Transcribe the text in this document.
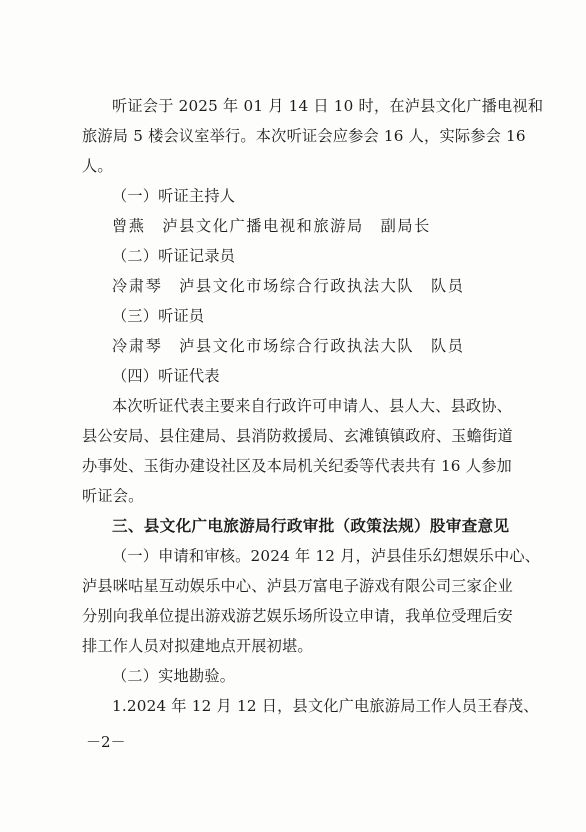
听证会于 2025 年 01 月 14 日 10 时，在泸县文化广播电视和
旅游局 5 楼会议室举行。本次听证会应参会 16 人，实际参会 16
人。
（一）听证主持人
曾燕　泸县文化广播电视和旅游局　副局长
（二）听证记录员
冷肃琴　泸县文化市场综合行政执法大队　队员
（三）听证员
冷肃琴　泸县文化市场综合行政执法大队　队员
（四）听证代表
本次听证代表主要来自行政许可申请人、县人大、县政协、
县公安局、县住建局、县消防救援局、玄滩镇镇政府、玉蟾街道
办事处、玉街办建设社区及本局机关纪委等代表共有 16 人参加
听证会。
三、县文化广电旅游局行政审批（政策法规）股审查意见
（一）申请和审核。2024 年 12 月，泸县佳乐幻想娱乐中心、
泸县咪咕星互动娱乐中心、泸县万富电子游戏有限公司三家企业
分别向我单位提出游戏游艺娱乐场所设立申请，我单位受理后安
排工作人员对拟建地点开展初堪。
（二）实地勘验。
1.2024 年 12 月 12 日，县文化广电旅游局工作人员王春茂、
－2－
